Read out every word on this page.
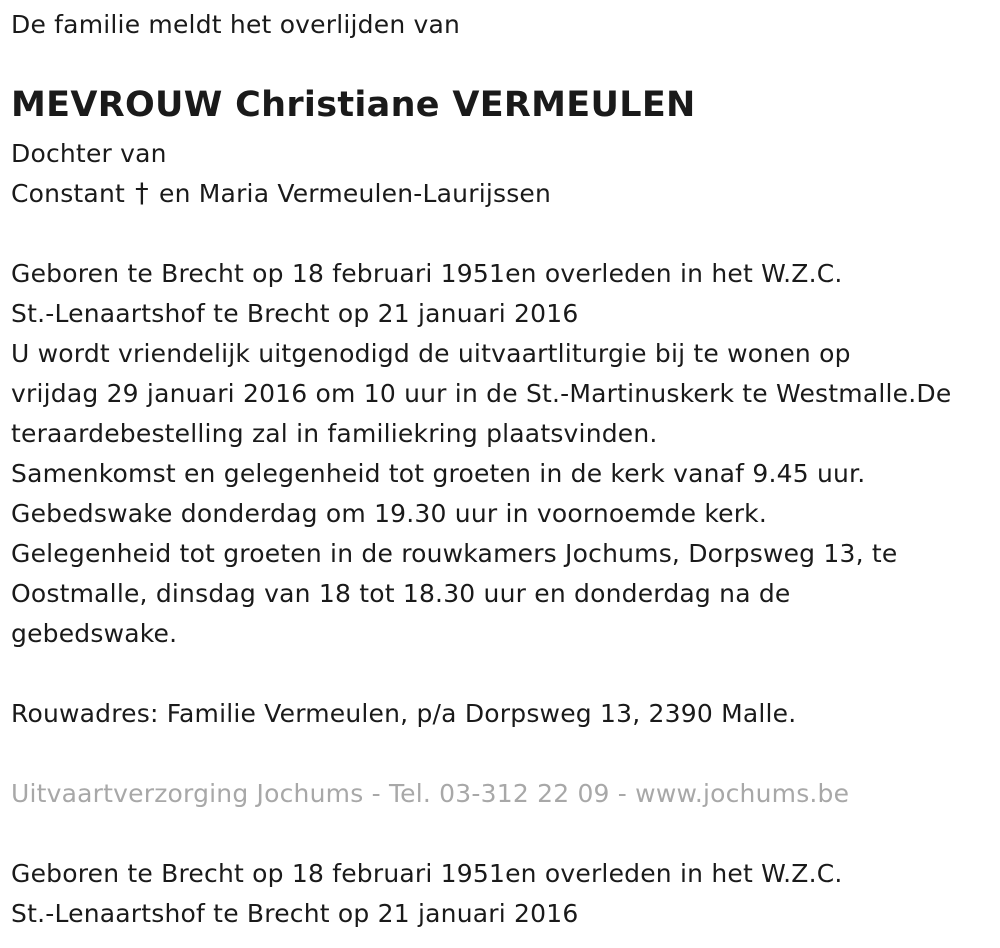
De familie meldt het overlijden van
MEVROUW Christiane VERMEULEN
Dochter van
Constant † en Maria Vermeulen-Laurijssen
Geboren te Brecht op 18 februari 1951en overleden in het W.Z.C.
St.-Lenaartshof te Brecht op 21 januari 2016
U wordt vriendelijk uitgenodigd de uitvaartliturgie bij te wonen op
vrijdag 29 januari 2016 om 10 uur in de St.-Martinuskerk te Westmalle.De
teraardebestelling zal in familiekring plaatsvinden.
Samenkomst en gelegenheid tot groeten in de kerk vanaf 9.45 uur.
Gebedswake donderdag om 19.30 uur in voornoemde kerk.
Gelegenheid tot groeten in de rouwkamers Jochums, Dorpsweg 13, te
Oostmalle, dinsdag van 18 tot 18.30 uur en donderdag na de
gebedswake.
Rouwadres: Familie Vermeulen, p/a Dorpsweg 13, 2390 Malle.
Uitvaartverzorging Jochums - Tel. 03-312 22 09 - www.jochums.be
Geboren te Brecht op 18 februari 1951en overleden in het W.Z.C.
St.-Lenaartshof te Brecht op 21 januari 2016
